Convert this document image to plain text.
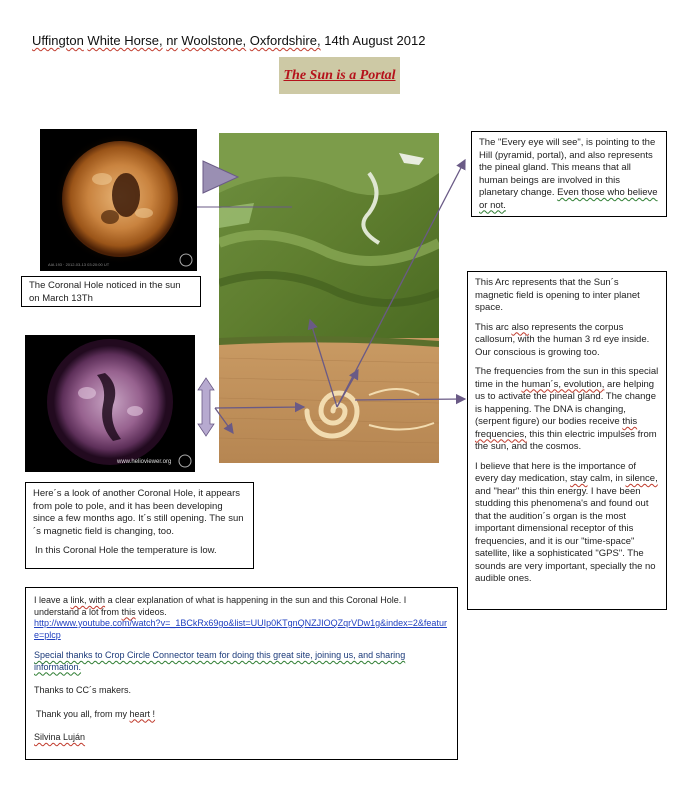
Uffington White Horse, nr Woolstone, Oxfordshire, 14th August 2012
The Sun is a Portal
AIA 193 · 2012-03-13 03:20:00 UT
The Coronal Hole noticed in the sun on March 13Th
www.helioviewer.org
The "Every eye will see", is pointing to the Hill (pyramid, portal), and also represents the pineal gland. This means that all human beings are involved in this planetary change. Even those who believe or not.

This Arc represents that the Sun´s magnetic field is opening to inter planet space.

This arc also represents the corpus callosum, with the human 3 rd eye inside. Our conscious is growing too.

The frequencies from the sun in this special time in the human´s, evolution, are helping us to activate the pineal gland. The change is happening. The DNA is changing, (serpent figure) our bodies receive this frequencies, this thin electric impulses from the sun, and the cosmos.

I believe that here is the importance of every day medication, stay calm, in silence, and "hear" this thin energy. I have been studding this phenomena's and found out that the audition´s organ is the most important dimensional receptor of this frequencies, and it is our "time-space" satellite, like a sophisticated "GPS". The sounds are very important, specially the no audible ones.

Here´s a look of another Coronal Hole, it appears from pole to pole, and it has been developing since a few months ago. It´s still opening. The sun´s magnetic field is changing, too.

In this Coronal Hole the temperature is low.

I leave a link, with a clear explanation of what is happening in the sun and this Coronal Hole. I understand a lot from this videos.

http://www.youtube.com/watch?v=_1BCkRx69go&list=UUIp0KTgnQNZJIOQZqrVDw1g&index=2&feature=plcp

Special thanks to Crop Circle Connector team for doing this great site, joining us, and sharing information.

Thanks to CC´s makers.

Thank you all, from my heart !

Silvina Luján
